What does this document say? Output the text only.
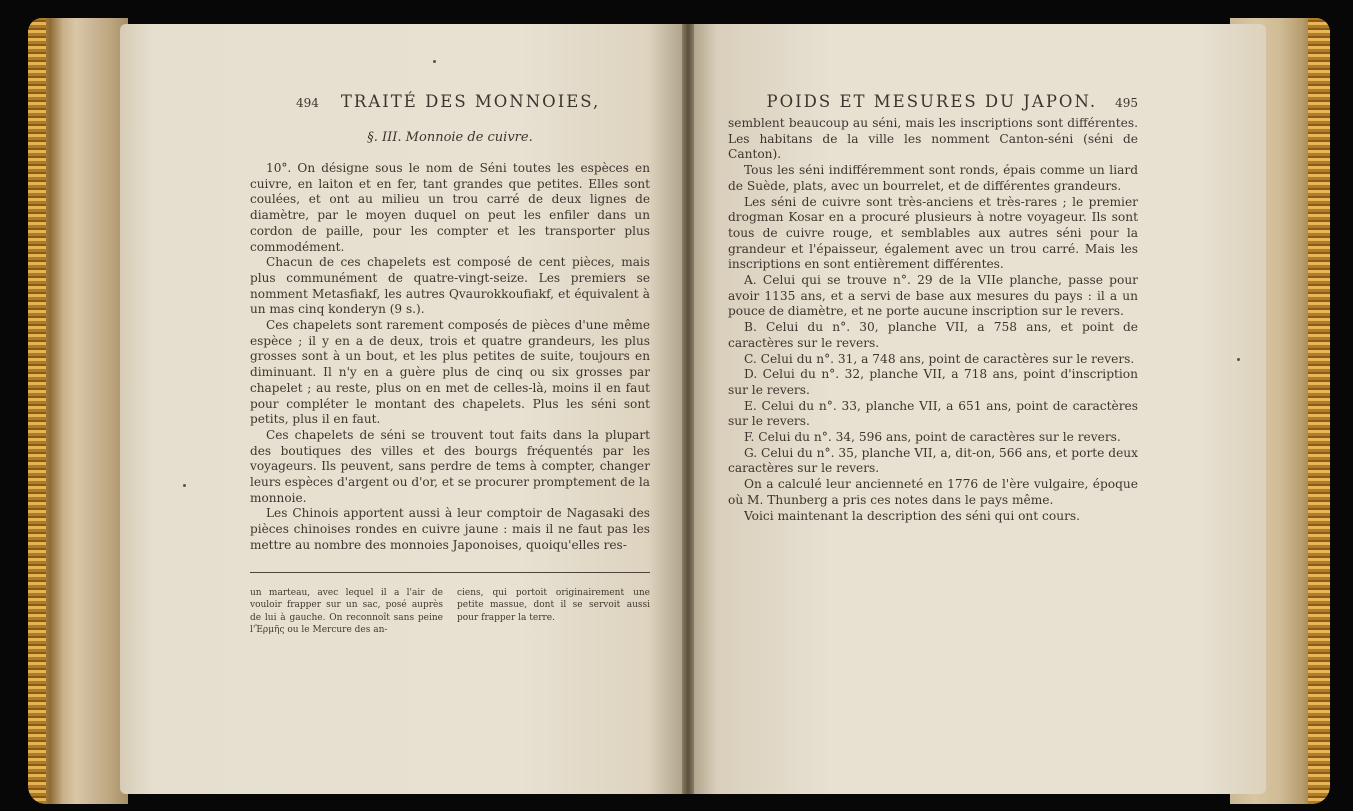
494 TRAITÉ DES MONNOIES,
§. III. Monnoie de cuivre.

10°. On désigne sous le nom de Séni toutes les espèces en cuivre, en laiton et en fer, tant grandes que petites. Elles sont coulées, et ont au milieu un trou carré de deux lignes de diamètre, par le moyen duquel on peut les enfiler dans un cordon de paille, pour les compter et les transporter plus commodément.

Chacun de ces chapelets est composé de cent pièces, mais plus communément de quatre-vingt-seize. Les premiers se nomment Metasfiakf, les autres Qvaurokkoufiakf, et équivalent à un mas cinq konderyn (9 s.).

Ces chapelets sont rarement composés de pièces d'une même espèce ; il y en a de deux, trois et quatre grandeurs, les plus grosses sont à un bout, et les plus petites de suite, toujours en diminuant. Il n'y en a guère plus de cinq ou six grosses par chapelet ; au reste, plus on en met de celles-là, moins il en faut pour compléter le montant des chapelets. Plus les séni sont petits, plus il en faut.

Ces chapelets de séni se trouvent tout faits dans la plupart des boutiques des villes et des bourgs fréquentés par les voyageurs. Ils peuvent, sans perdre de tems à compter, changer leurs espèces d'argent ou d'or, et se procurer promptement de la monnoie.

Les Chinois apportent aussi à leur comptoir de Nagasaki des pièces chinoises rondes en cuivre jaune : mais il ne faut pas les mettre au nombre des monnoies Japonoises, quoiqu'elles res-

un marteau, avec lequel il a l'air de vouloir frapper sur un sac, posé auprès de lui à gauche. On reconnoît sans peine l'Ἑρμῆς ou le Mercure des an-
ciens, qui portoit originairement une petite massue, dont il se servoit aussi pour frapper la terre.
POIDS ET MESURES DU JAPON. 495

semblent beaucoup au séni, mais les inscriptions sont différentes. Les habitans de la ville les nomment Canton-séni (séni de Canton).

Tous les séni indifféremment sont ronds, épais comme un liard de Suède, plats, avec un bourrelet, et de différentes grandeurs.

Les séni de cuivre sont très-anciens et très-rares ; le premier drogman Kosar en a procuré plusieurs à notre voyageur. Ils sont tous de cuivre rouge, et semblables aux autres séni pour la grandeur et l'épaisseur, également avec un trou carré. Mais les inscriptions en sont entièrement différentes.

A. Celui qui se trouve n°. 29 de la VIIe planche, passe pour avoir 1135 ans, et a servi de base aux mesures du pays : il a un pouce de diamètre, et ne porte aucune inscription sur le revers.

B. Celui du n°. 30, planche VII, a 758 ans, et point de caractères sur le revers.

C. Celui du n°. 31, a 748 ans, point de caractères sur le revers.

D. Celui du n°. 32, planche VII, a 718 ans, point d'inscription sur le revers.

E. Celui du n°. 33, planche VII, a 651 ans, point de caractères sur le revers.

F. Celui du n°. 34, 596 ans, point de caractères sur le revers.

G. Celui du n°. 35, planche VII, a, dit-on, 566 ans, et porte deux caractères sur le revers.

On a calculé leur ancienneté en 1776 de l'ère vulgaire, époque où M. Thunberg a pris ces notes dans le pays même.

Voici maintenant la description des séni qui ont cours.
